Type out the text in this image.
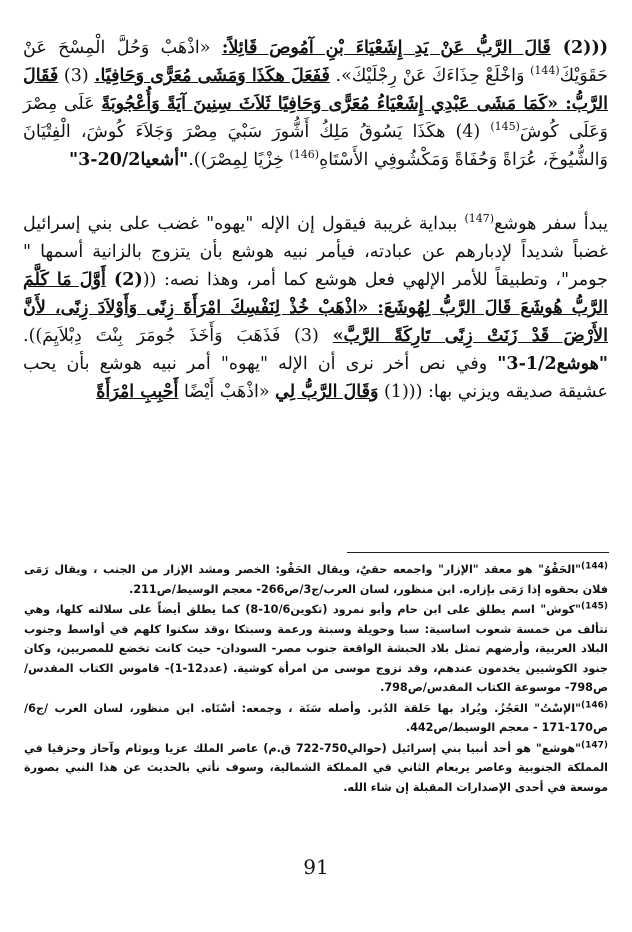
(((2) قَالَ الرَّبُّ عَنْ يَدِ إِشَعْيَاءَ بْنِ آمُوصَ قَائِلاً: «اذْهَبْ وَحُلَّ الْمِسْحَ عَنْ حَقَوَيْكَ$^{(144)}$ وَاخْلَعْ حِذَاءَكَ عَنْ رِجْلَيْكَ». فَفَعَلَ هكَذَا وَمَشَى مُعَرًّى وَحَافِيًا. (3) فَقَالَ الرَّبُّ: «كَمَا مَشَى عَبْدِي إِشَعْيَاءُ مُعَرًّى وَحَافِيًا ثَلاَثَ سِنِينَ آيَةً وَأُعْجُوبَةً عَلَى مِصْرَ وَعَلَى كُوشَ$^{(145)}$ (4) هكَذَا يَسُوقُ مَلِكُ أَشُّورَ سَبْيَ مِصْرَ وَجَلاَءَ كُوشَ، الْفِتْيَانَ وَالشُّيُوخَ، عُرَاةً وَحُفَاةً وَمَكْشُوفِي الأَسْتَاهِ$^{(146)}$ خِزْيًا لِمِصْرَ))."أشعيا20/2-3"

يبدأ سفر هوشع$^{(147)}$ ببداية غريبة فيقول إن الإله "يهوه" غضب على بني إسرائيل غضباً شديداً لإدبارهم عن عبادته، فيأمر نبيه هوشع بأن يتزوج بالزانية أسمها " جومر"، وتطبيقاً للأمر الإلهي فعل هوشع كما أمر، وهذا نصه: (((2) أَوَّلَ مَا كَلَّمَ الرَّبُّ هُوشَعَ قَالَ الرَّبُّ لِهُوشَعَ: «اذْهَبْ خُذْ لِنَفْسِكَ امْرَأَةَ زِنًى وَأَوْلاَدَ زِنًى، لأَنَّ الأَرْضَ قَدْ زَنَتْ زِنًى تَارِكَةً الرَّبَّ» (3) فَذَهَبَ وَأَخَذَ جُومَرَ بِنْتَ دِبْلاَيِمَ)). "هوشع1/2-3" وفي نص أخر نرى أن الإله "يهوه" أمر نبيه هوشع بأن يحب عشيقة صديقه ويزني بها: (((1) وَقَالَ الرَّبُّ لِي «اذْهَبْ أَيْضًا أَحْبِبِ امْرَأَةً

$^{(144)}$"الحَقْوُ" هو معقد "الإزار" واجمعه حقيٌ، ويقال الحَقْو: الخصر ومشد الإزار من الجنب ، ويقال رَمَى فلان بحقوه إذا رَمَى بإزاره. ابن منظور، لسان العرب/ج3/ص266- معجم الوسيط/ص211.

$^{(145)}$"كوش" اسم يطلق على ابن حام وأبو نمرود (تكوين10/6-8) كما يطلق أيضاً على سلالته كلها، وهي تتألف من خمسة شعوب اساسية: سبا وحويلة وسبتة ورعمة وسبتكا ،وقد سكنوا كلهم في أواسط وجنوب البلاد العربية، وأرضهم تمثل بلاد الحبشة الواقعة جنوب مصر- السودان- حيث كانت تخضع للمصريين، وكان جنود الكوشيين يخدمون عندهم، وقد تزوج موسى من امرأة كوشية. (عدد12-1)- قاموس الكتاب المقدس/ص798- موسوعة الكتاب المقدس/ص798.

$^{(146)}$"الإسْتُ" العَجُزُ. ويُراد بها حَلقة الدُبر. وأصله سَتَة ، وجمعه: أسْتَاه. ابن منظور، لسان العرب /ج6/ص170-171 - معجم الوسيط/ص442.

$^{(147)}$"هوشع" هو أحد أنبيا بني إسرائيل (حوالي750-722 ق.م) عاصر الملك عزيا ويوثام وآحاز وحزقيا في المملكة الجنوبية وعاصر يربعام الثاني في المملكة الشمالية، وسوف نأتي بالحديث عن هذا النبي بصورة موسعة في أحدى الإصدارات المقبلة إن شاء الله.

91
